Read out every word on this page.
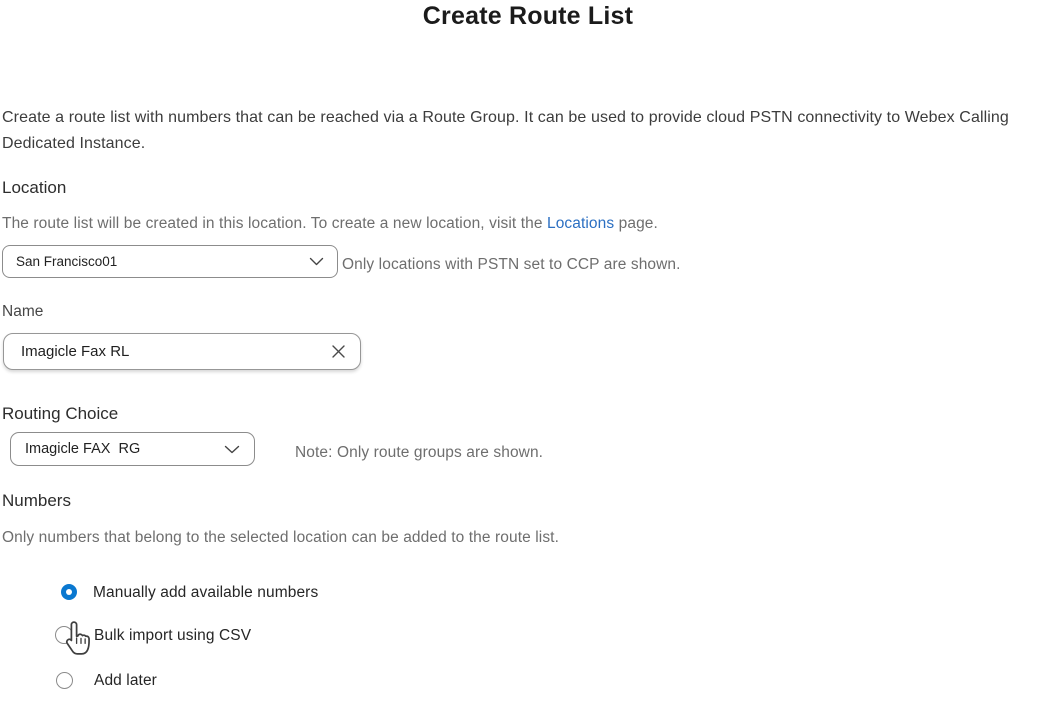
Create Route List

Create a route list with numbers that can be reached via a Route Group. It can be used to provide cloud PSTN connectivity to Webex Calling Dedicated Instance.

Location

The route list will be created in this location. To create a new location, visit the Locations page.

San Francisco01	Only locations with PSTN set to CCP are shown.
Name
Imagicle Fax RL
Routing Choice
Imagicle FAX  RG	Note: Only route groups are shown.
Numbers

Only numbers that belong to the selected location can be added to the route list.

Manually add available numbers
Bulk import using CSV
Add later
